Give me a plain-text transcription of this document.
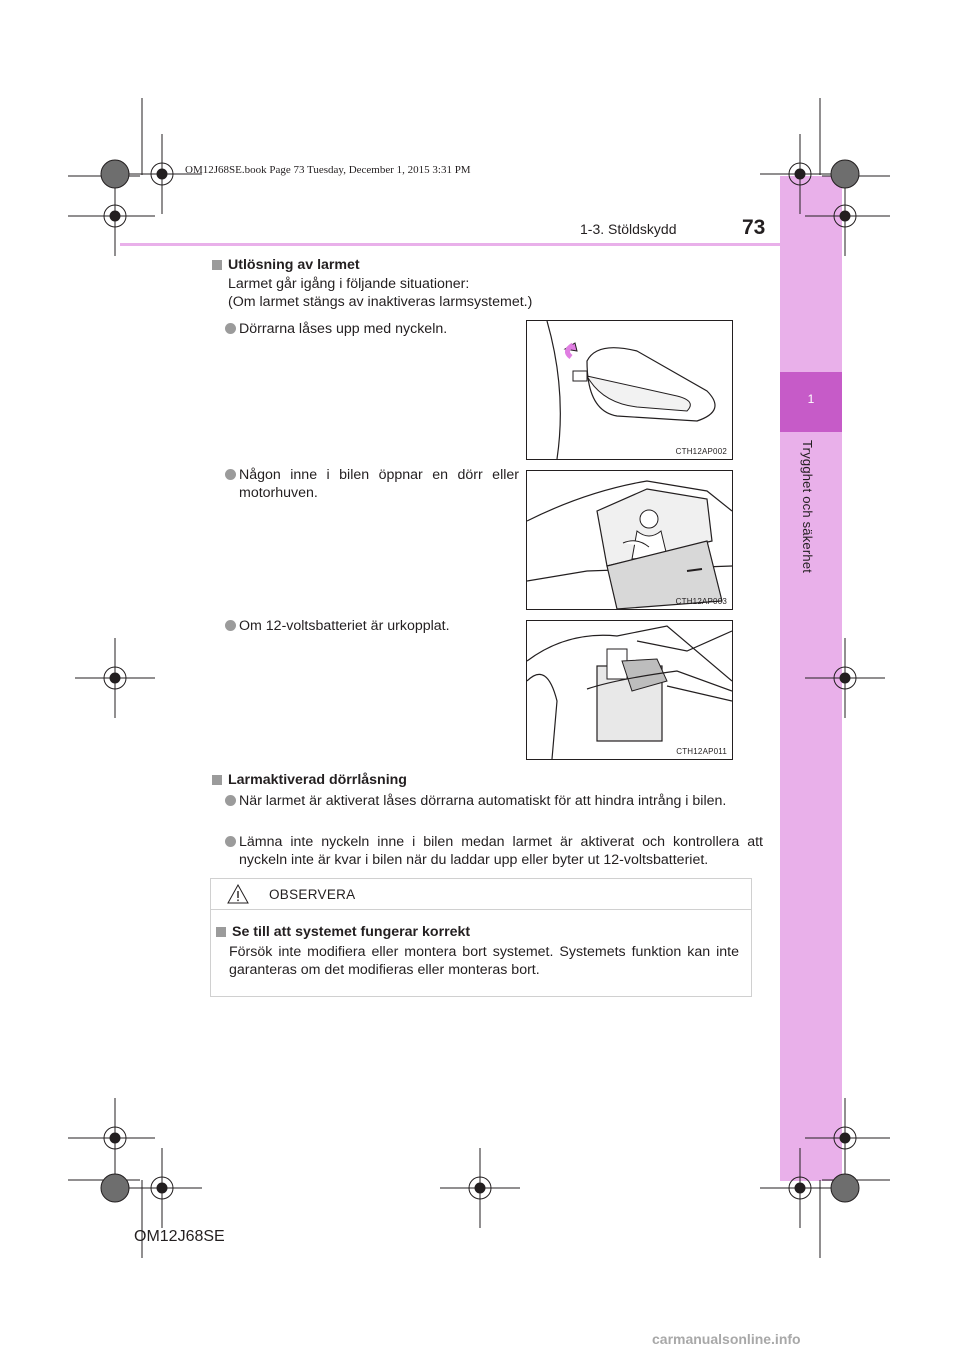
1
Trygghet och säkerhet
OM12J68SE.book Page 73 Tuesday, December 1, 2015 3:31 PM
1-3. Stöldskydd	73
Utlösning av larmet
Larmet går igång i följande situationer:
(Om larmet stängs av inaktiveras larmsystemet.)
Dörrarna låses upp med nyckeln.
Någon inne i bilen öppnar en dörr eller motorhuven.
Om 12-voltsbatteriet är urkopplat.
CTH12AP002
CTH12AP003
CTH12AP011
Larmaktiverad dörrlåsning
När larmet är aktiverat låses dörrarna automatiskt för att hindra intrång i bilen.
Lämna inte nyckeln inne i bilen medan larmet är aktiverat och kontrollera att nyckeln inte är kvar i bilen när du laddar upp eller byter ut 12-voltsbatteriet.
OBSERVERA
Se till att systemet fungerar korrekt
Försök inte modifiera eller montera bort systemet. Systemets funktion kan inte garanteras om det modifieras eller monteras bort.
OM12J68SE
carmanualsonline.info
